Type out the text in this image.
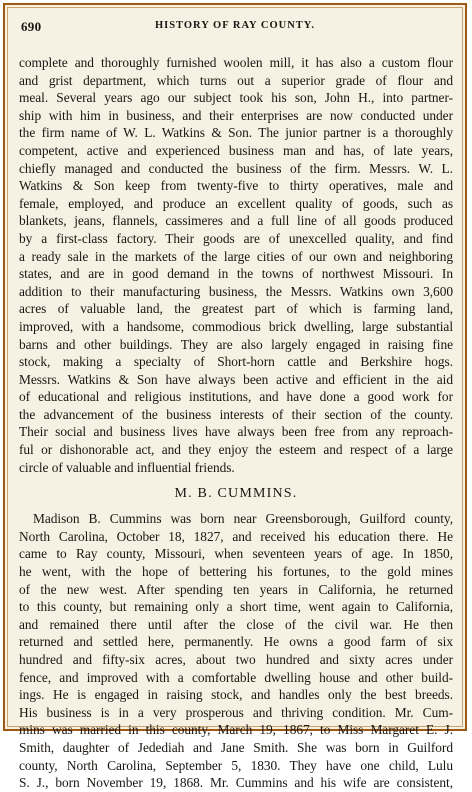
690	HISTORY OF RAY COUNTY.
complete and thoroughly furnished woolen mill, it has also a custom flour
and grist department, which turns out a superior grade of flour and
meal. Several years ago our subject took his son, John H., into partner-
ship with him in business, and their enterprises are now conducted under
the firm name of W. L. Watkins & Son. The junior partner is a thoroughly
competent, active and experienced business man and has, of late years,
chiefly managed and conducted the business of the firm. Messrs. W. L.
Watkins & Son keep from twenty-five to thirty operatives, male and
female, employed, and produce an excellent quality of goods, such as
blankets, jeans, flannels, cassimeres and a full line of all goods produced
by a first-class factory. Their goods are of unexcelled quality, and find
a ready sale in the markets of the large cities of our own and neighboring
states, and are in good demand in the towns of northwest Missouri. In
addition to their manufacturing business, the Messrs. Watkins own 3,600
acres of valuable land, the greatest part of which is farming land,
improved, with a handsome, commodious brick dwelling, large substantial
barns and other buildings. They are also largely engaged in raising fine
stock, making a specialty of Short-horn cattle and Berkshire hogs.
Messrs. Watkins & Son have always been active and efficient in the aid
of educational and religious institutions, and have done a good work for
the advancement of the business interests of their section of the county.
Their social and business lives have always been free from any reproach-
ful or dishonorable act, and they enjoy the esteem and respect of a large
circle of valuable and influential friends.
M. B. CUMMINS.
Madison B. Cummins was born near Greensborough, Guilford county,
North Carolina, October 18, 1827, and received his education there. He
came to Ray county, Missouri, when seventeen years of age. In 1850,
he went, with the hope of bettering his fortunes, to the gold mines
of the new west. After spending ten years in California, he returned
to this county, but remaining only a short time, went again to California,
and remained there until after the close of the civil war. He then
returned and settled here, permanently. He owns a good farm of six
hundred and fifty-six acres, about two hundred and sixty acres under
fence, and improved with a comfortable dwelling house and other build-
ings. He is engaged in raising stock, and handles only the best breeds.
His business is in a very prosperous and thriving condition. Mr. Cum-
mins was married in this county, March 19, 1867, to Miss Margaret E. J.
Smith, daughter of Jedediah and Jane Smith. She was born in Guilford
county, North Carolina, September 5, 1830. They have one child, Lulu
S. J., born November 19, 1868. Mr. Cummins and his wife are consistent,
